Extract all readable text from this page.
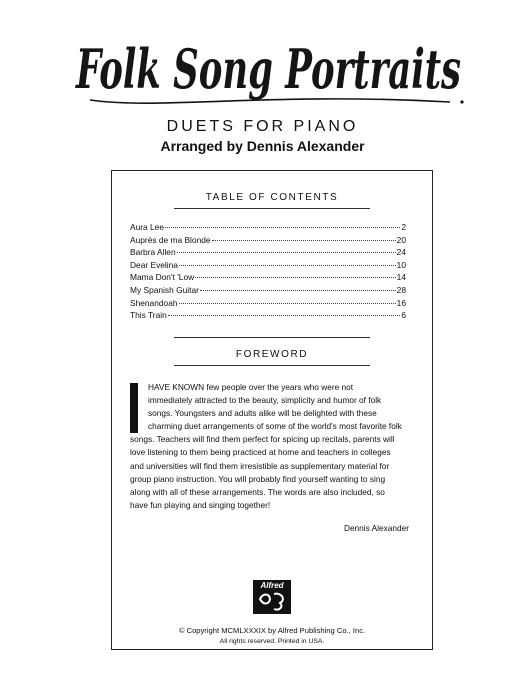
Folk Song Portraits
DUETS FOR PIANO
Arranged by Dennis Alexander
TABLE OF CONTENTS
Aura Lee	2
Auprès de ma Blonde	20
Barbra Allen	24
Dear Evelina	10
Mama Don't 'Low	14
My Spanish Guitar	28
Shenandoah	16
This Train	6
FOREWORD

HAVE KNOWN few people over the years who were not

immediately attracted to the beauty, simplicity and humor of folk

songs. Youngsters and adults alike will be delighted with these

charming duet arrangements of some of the world's most favorite folk

songs. Teachers will find them perfect for spicing up recitals, parents will

love listening to them being practiced at home and teachers in colleges

and universities will find them irresistible as supplementary material for

group piano instruction. You will probably find yourself wanting to sing

along with all of these arrangements. The words are also included, so

have fun playing and singing together!

Dennis Alexander
Alfred
© Copyright MCMLXXXIX by Alfred Publishing Co., Inc.
All rights reserved. Printed in USA.
